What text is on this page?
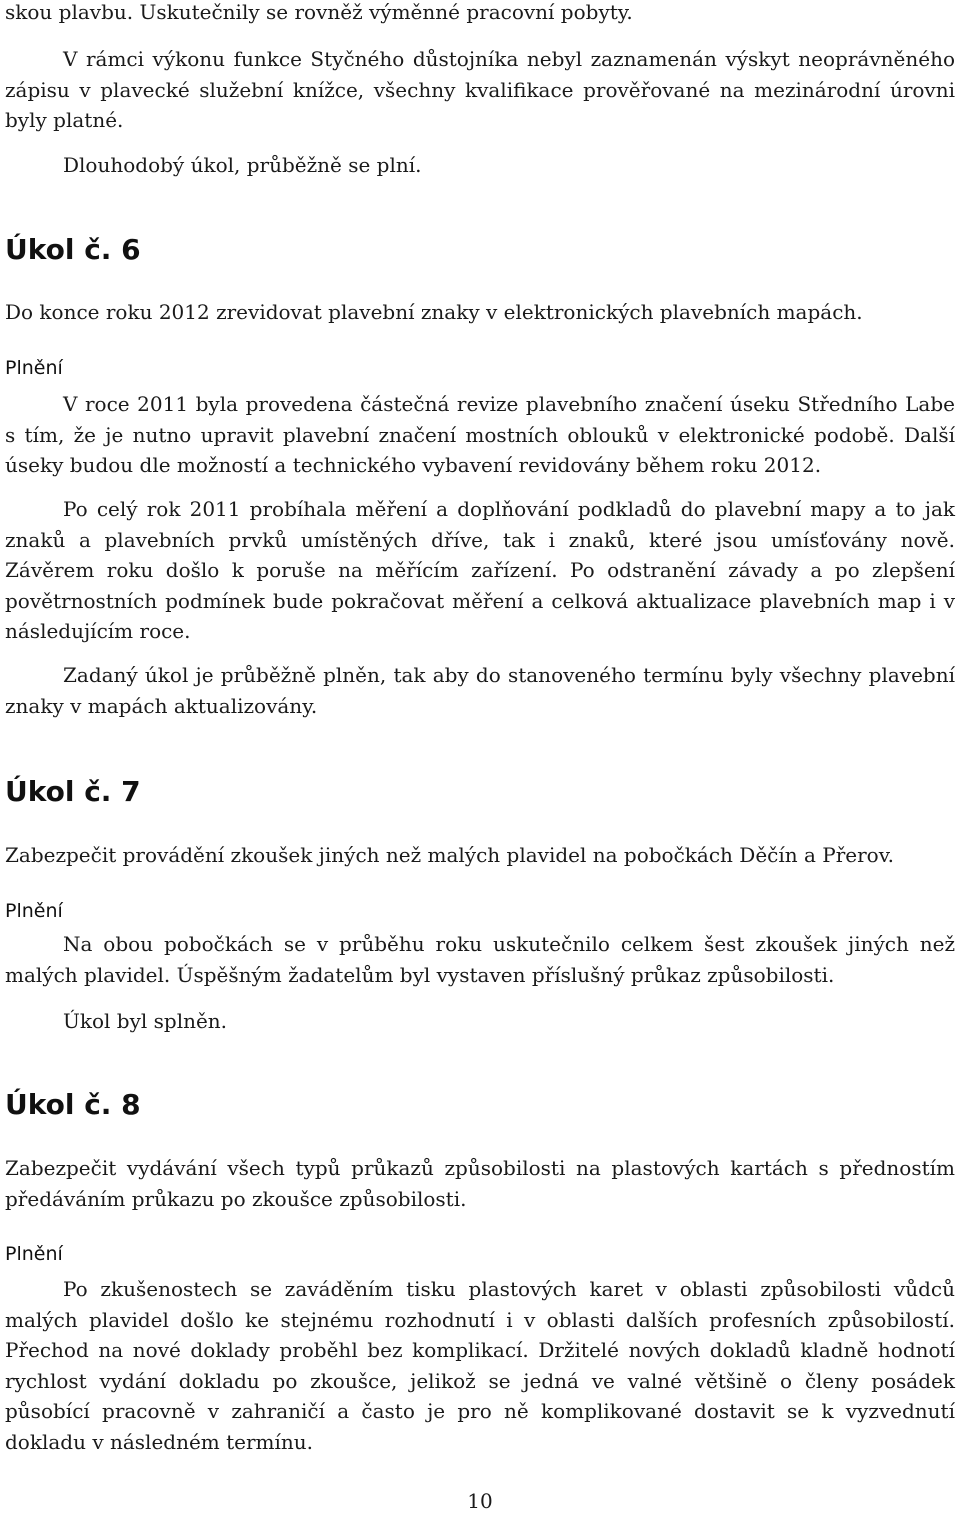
skou plavbu. Uskutečnily se rovněž výměnné pracovní pobyty.

V rámci výkonu funkce Styčného důstojníka nebyl zaznamenán výskyt neoprávněného zápisu v plavecké služební knížce, všechny kvalifikace prověřované na mezinárodní úrovni byly platné.

Dlouhodobý úkol, průběžně se plní.

Úkol č. 6

Do konce roku 2012 zrevidovat plavební znaky v elektronických plavebních mapách.

Plnění

V roce 2011 byla provedena částečná revize plavebního značení úseku Středního Labe s tím, že je nutno upravit plavební značení mostních oblouků v elektronické podobě. Další úseky budou dle možností a technického vybavení revidovány během roku 2012.

Po celý rok 2011 probíhala měření a doplňování podkladů do plavební mapy a to jak znaků a plavebních prvků umístěných dříve, tak i znaků, které jsou umísťovány nově. Závěrem roku došlo k poruše na měřícím zařízení. Po odstranění závady a po zlepšení povětrnostních podmínek bude pokračovat měření a celková aktualizace plavebních map i v následujícím roce.

Zadaný úkol je průběžně plněn, tak aby do stanoveného termínu byly všechny plavební znaky v mapách aktualizovány.

Úkol č. 7

Zabezpečit provádění zkoušek jiných než malých plavidel na pobočkách Děčín a Přerov.

Plnění

Na obou pobočkách se v průběhu roku uskutečnilo celkem šest zkoušek jiných než malých plavidel. Úspěšným žadatelům byl vystaven příslušný průkaz způsobilosti.

Úkol byl splněn.

Úkol č. 8

Zabezpečit vydávání všech typů průkazů způsobilosti na plastových kartách s přednostím předáváním průkazu po zkoušce způsobilosti.

Plnění

Po zkušenostech se zaváděním tisku plastových karet v oblasti způsobilosti vůdců malých plavidel došlo ke stejnému rozhodnutí i v oblasti dalších profesních způsobilostí. Přechod na nové doklady proběhl bez komplikací. Držitelé nových dokladů kladně hodnotí rychlost vydání dokladu po zkoušce, jelikož se jedná ve valné většině o členy posádek působící pracovně v zahraničí a často je pro ně komplikované dostavit se k vyzvednutí dokladu v následném termínu.

10
